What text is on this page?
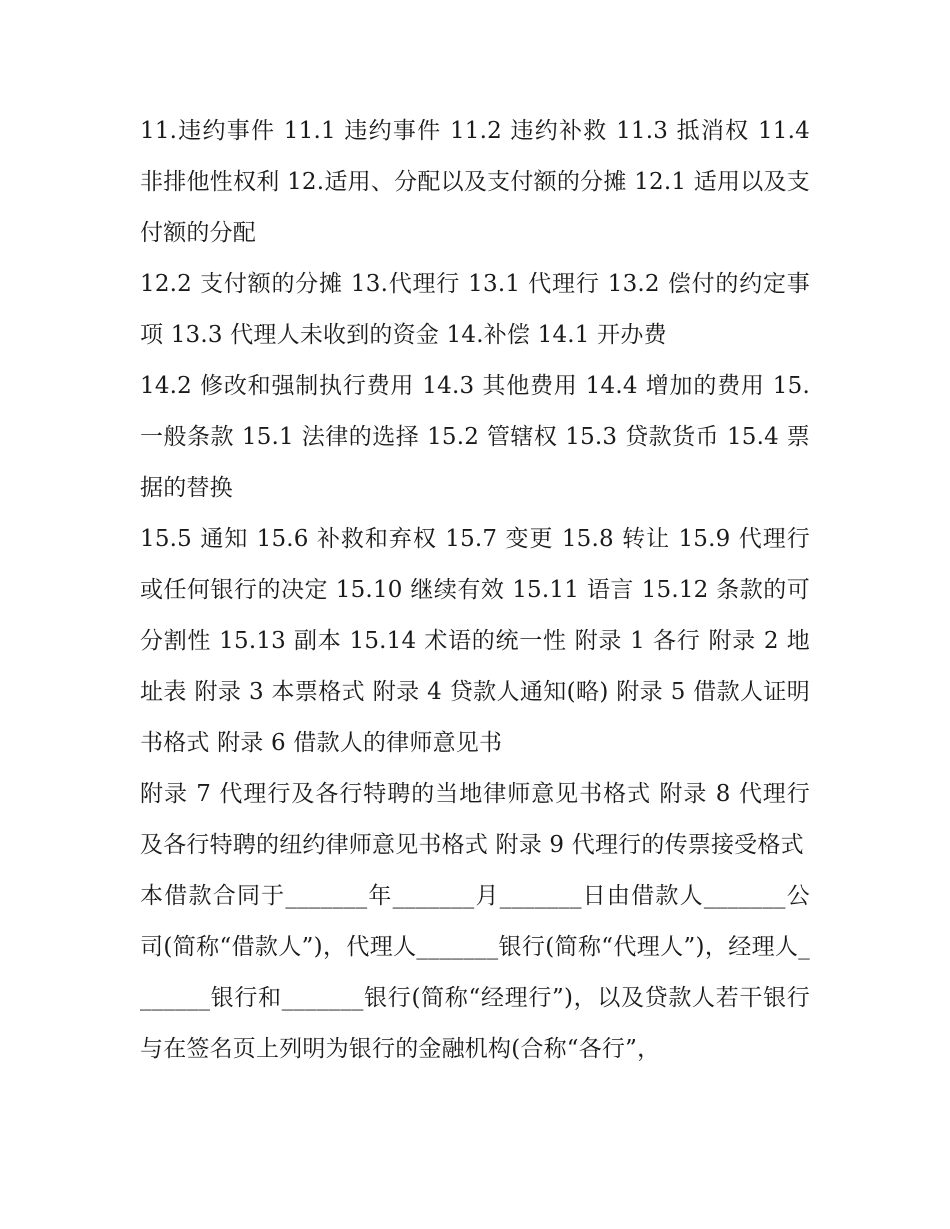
11.违约事件 11.1 违约事件 11.2 违约补救 11.3 抵消权 11.4 非排他性权利 12.适用、分配以及支付额的分摊 12.1 适用以及支付额的分配

12.2 支付额的分摊 13.代理行 13.1 代理行 13.2 偿付的约定事项 13.3 代理人未收到的资金 14.补偿 14.1 开办费

14.2 修改和强制执行费用 14.3 其他费用 14.4 增加的费用 15.一般条款 15.1 法律的选择 15.2 管辖权 15.3 贷款货币 15.4 票据的替换

15.5 通知 15.6 补救和弃权 15.7 变更 15.8 转让 15.9 代理行或任何银行的决定 15.10 继续有效 15.11 语言 15.12 条款的可分割性 15.13 副本 15.14 术语的统一性 附录 1 各行 附录 2 地址表 附录 3 本票格式 附录 4 贷款人通知(略) 附录 5 借款人证明书格式 附录 6 借款人的律师意见书

附录 7 代理行及各行特聘的当地律师意见书格式 附录 8 代理行及各行特聘的纽约律师意见书格式 附录 9 代理行的传票接受格式

本借款合同于_______年_______月_______日由借款人_______公司(简称“借款人”)，代理人_______银行(简称“代理人”)，经理人_______银行和_______银行(简称“经理行”)，以及贷款人若干银行与在签名页上列明为银行的金融机构(合称“各行”，
